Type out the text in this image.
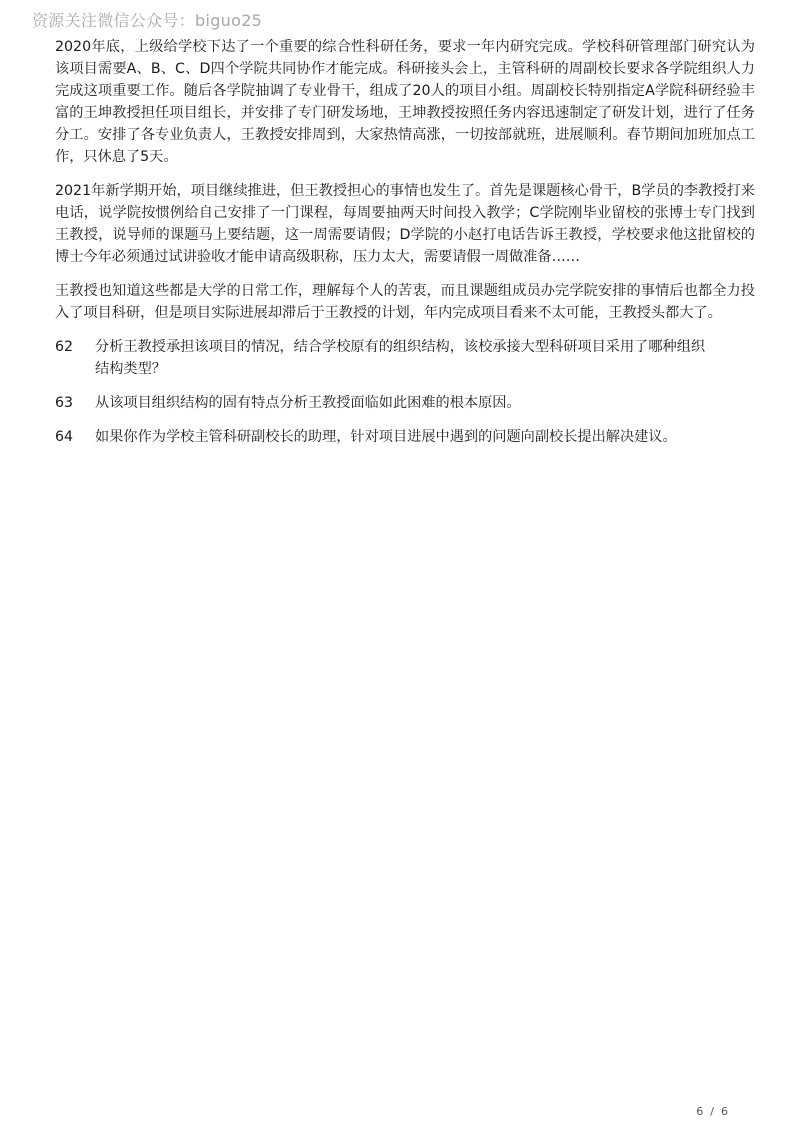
资源关注微信公众号：biguo25

2020年底，上级给学校下达了一个重要的综合性科研任务，要求一年内研究完成。学校科研管理部门研究认为该项目需要A、B、C、D四个学院共同协作才能完成。科研接头会上，主管科研的周副校长要求各学院组织人力完成这项重要工作。随后各学院抽调了专业骨干，组成了20人的项目小组。周副校长特别指定A学院科研经验丰富的王坤教授担任项目组长，并安排了专门研发场地，王坤教授按照任务内容迅速制定了研发计划，进行了任务分工。安排了各专业负责人，王教授安排周到，大家热情高涨，一切按部就班，进展顺利。春节期间加班加点工作，只休息了5天。

2021年新学期开始，项目继续推进，但王教授担心的事情也发生了。首先是课题核心骨干，B学员的李教授打来电话，说学院按惯例给自己安排了一门课程，每周要抽两天时间投入教学；C学院刚毕业留校的张博士专门找到王教授，说导师的课题马上要结题，这一周需要请假；D学院的小赵打电话告诉王教授，学校要求他这批留校的博士今年必须通过试讲验收才能申请高级职称，压力太大，需要请假一周做准备……

王教授也知道这些都是大学的日常工作，理解每个人的苦衷，而且课题组成员办完学院安排的事情后也都全力投入了项目科研，但是项目实际进展却滞后于王教授的计划，年内完成项目看来不太可能，王教授头都大了。

62	分析王教授承担该项目的情况，结合学校原有的组织结构，该校承接大型科研项目采用了哪种组织结构类型？
63	从该项目组织结构的固有特点分析王教授面临如此困难的根本原因。
64	如果你作为学校主管科研副校长的助理，针对项目进展中遇到的问题向副校长提出解决建议。
6  /  6
